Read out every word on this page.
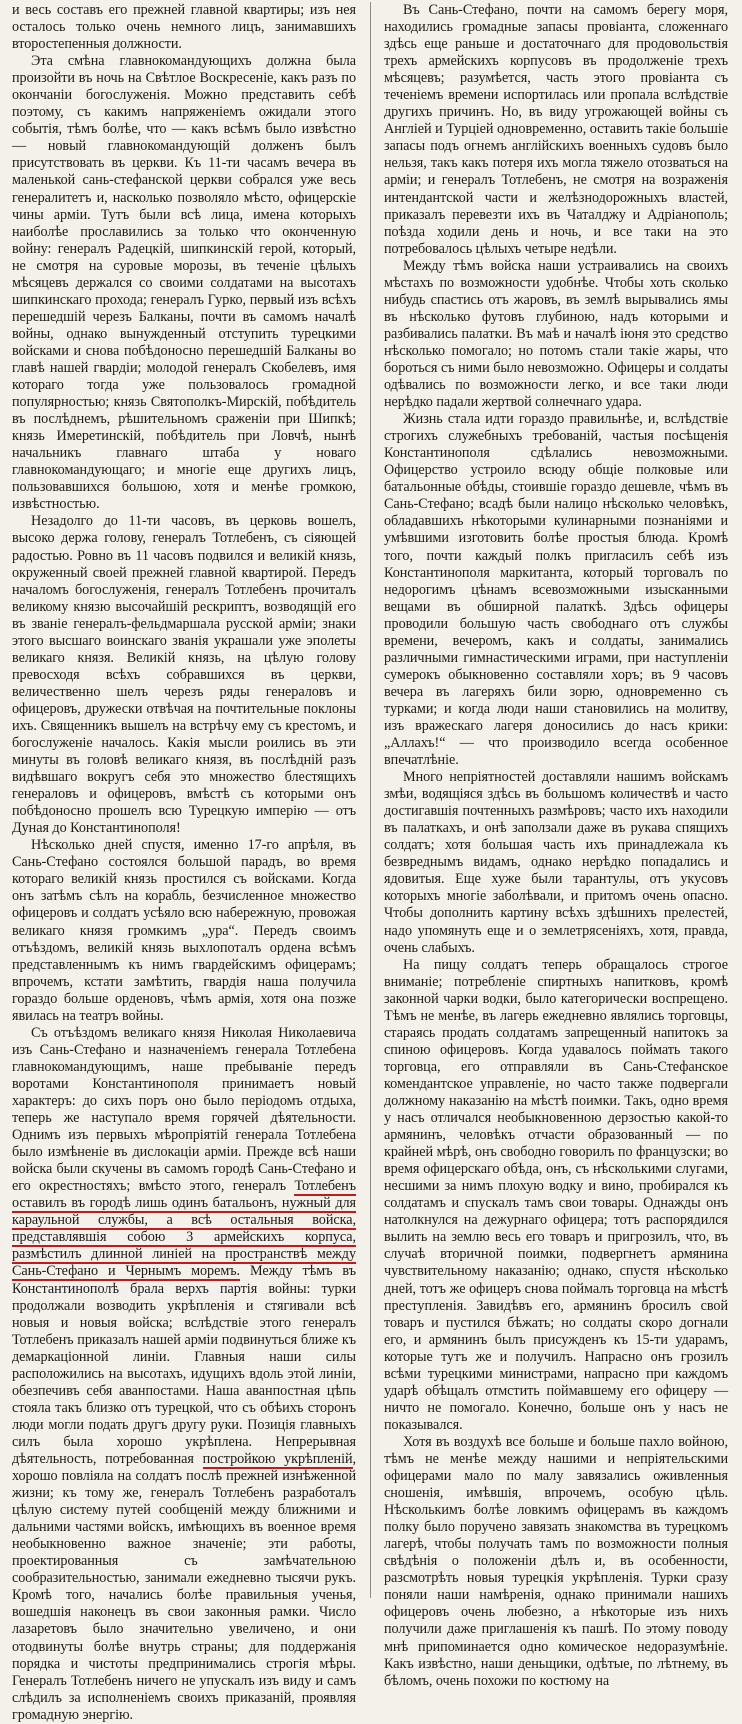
и весь составъ его прежней главной квартиры; изъ нея осталось только очень немного лицъ, занимавшихъ второстепенныя должности.

Эта смѣна главнокомандующихъ должна была произойти въ ночь на Свѣтлое Воскресеніе, какъ разъ по окончаніи богослуженія. Можно представить себѣ поэтому, съ какимъ напряженіемъ ожидали этого событія, тѣмъ болѣе, что — какъ всѣмъ было извѣстно — новый главнокомандующій долженъ былъ присутствовать въ церкви. Къ 11-ти часамъ вечера въ маленькой сань-стефанской церкви собрался уже весь генералитетъ и, насколько позволяло мѣсто, офицерскіе чины арміи. Тутъ были всѣ лица, имена которыхъ наиболѣе прославились за только что оконченную войну: генералъ Радецкій, шипкинскій герой, который, не смотря на суровые морозы, въ теченіе цѣлыхъ мѣсяцевъ держался со своими солдатами на высотахъ шипкинскаго прохода; генералъ Гурко, первый изъ всѣхъ перешедшій черезъ Балканы, почти въ самомъ началѣ войны, однако вынужденный отступить турецкими войсками и снова побѣдоносно перешедшій Балканы во главѣ нашей гвардіи; молодой генералъ Скобелевъ, имя котораго тогда уже пользовалось громадной популярностью; князь Святополкъ-Мирскій, побѣдитель въ послѣднемъ, рѣшительномъ сраженіи при Шипкѣ; князь Имеретинскій, побѣдитель при Ловчѣ, нынѣ начальникъ главнаго штаба у новаго главнокомандующаго; и многіе еще другихъ лицъ, пользовавшихся большою, хотя и менѣе громкою, извѣстностью.

Незадолго до 11-ти часовъ, въ церковь вошелъ, высоко держа голову, генералъ Тотлебенъ, съ сіяющей радостью. Ровно въ 11 часовъ подвился и великій князь, окруженный своей прежней главной квартирой. Передъ началомъ богослуженія, генералъ Тотлебенъ прочиталъ великому князю высочайшій рескриптъ, возводящій его въ званіе генералъ-фельдмаршала русской арміи; знаки этого высшаго воинскаго званія украшали уже эполеты великаго князя. Великій князь, на цѣлую голову превосходя всѣхъ собравшихся въ церкви, величественно шелъ черезъ ряды генераловъ и офицеровъ, дружески отвѣчая на почтительные поклоны ихъ. Священникъ вышелъ на встрѣчу ему съ крестомъ, и богослуженіе началось. Какія мысли роились въ эти минуты въ головѣ великаго князя, въ послѣдній разъ видѣвшаго вокругъ себя это множество блестящихъ генераловъ и офицеровъ, вмѣстѣ съ которыми онъ побѣдоносно прошелъ всю Турецкую имперію — отъ Дуная до Константинополя!

Нѣсколько дней спустя, именно 17-го апрѣля, въ Сань-Стефано состоялся большой парадъ, во время котораго великій князь простился съ войсками. Когда онъ затѣмъ сѣлъ на корабль, безчисленное множество офицеровъ и солдатъ усѣяло всю набережную, провожая великаго князя громкимъ „ура“. Передъ своимъ отъѣздомъ, великій князь выхлопоталъ ордена всѣмъ представленнымъ къ нимъ гвардейскимъ офицерамъ; впрочемъ, кстати замѣтить, гвардія наша получила гораздо больше орденовъ, чѣмъ армія, хотя она позже явилась на театръ войны.

Съ отъѣздомъ великаго князя Николая Николаевича изъ Сань-Стефано и назначеніемъ генерала Тотлебена главнокомандующимъ, наше пребываніе передъ воротами Константинополя принимаетъ новый характеръ: до сихъ поръ оно было періодомъ отдыха, теперь же наступало время горячей дѣятельности. Однимъ изъ первыхъ мѣропріятій генерала Тотлебена было измѣненіе въ дислокаціи арміи. Прежде всѣ наши войска были скучены въ самомъ городѣ Сань-Стефано и его окрестностяхъ; вмѣсто этого, генералъ Тотлебенъ оставилъ въ городѣ лишь одинъ батальонъ, нужный для караульной службы, а всѣ остальныя войска, представлявшія собою 3 армейскихъ корпуса, размѣстилъ длинной линіей на пространствѣ между Сань-Стефано и Чернымъ моремъ. Между тѣмъ въ Константинополѣ брала верхъ партія войны: турки продолжали возводить укрѣпленія и стягивали всѣ новыя и новыя войска; вслѣдствіе этого генералъ Тотлебенъ приказалъ нашей арміи подвинуться ближе къ демаркаціонной линіи. Главныя наши силы расположились на высотахъ, идущихъ вдоль этой линіи, обезпечивъ себя аванпостами. Наша аванпостная цѣпь стояла такъ близко отъ турецкой, что съ обѣихъ сторонъ люди могли подать другъ другу руки. Позиція главныхъ силъ была хорошо укрѣплена. Непрерывная дѣятельность, потребованная постройкою укрѣпленій, хорошо повліяла на солдатъ послѣ прежней изнѣженной жизни; къ тому же, генералъ Тотлебенъ разработалъ цѣлую систему путей сообщеній между ближними и дальними частями войскъ, имѣющихъ въ военное время необыкновенно важное значеніе; эти работы, проектированныя съ замѣчательною сообразительностью, занимали ежедневно тысячи рукъ. Кромѣ того, начались болѣе правильныя ученья, вошедшія наконецъ въ свои законныя рамки. Число лазаретовъ было значительно увеличено, и они отодвинуты болѣе внутрь страны; для поддержанія порядка и чистоты предпринимались строгія мѣры. Генералъ Тотлебенъ ничего не упускалъ изъ виду и самъ слѣдилъ за исполненіемъ своихъ приказаній, проявляя громадную энергію.

Въ Сань-Стефано, почти на самомъ берегу моря, находились громадные запасы провіанта, сложеннаго здѣсь еще раньше и достаточнаго для продовольствія трехъ армейскихъ корпусовъ въ продолженіе трехъ мѣсяцевъ; разумѣется, часть этого провіанта съ теченіемъ времени испортилась или пропала вслѣдствіе другихъ причинъ. Но, въ виду угрожающей войны съ Англіей и Турціей одновременно, оставить такіе большіе запасы подъ огнемъ англійскихъ военныхъ судовъ было нельзя, такъ какъ потеря ихъ могла тяжело отозваться на арміи; и генералъ Тотлебенъ, не смотря на возраженія интендантской части и желѣзнодорожныхъ властей, приказалъ перевезти ихъ въ Чаталджу и Адріанополь; поѣзда ходили день и ночь, и все таки на это потребовалось цѣлыхъ четыре недѣли.

Между тѣмъ войска наши устраивались на своихъ мѣстахъ по возможности удобнѣе. Чтобы хоть сколько нибудь спастись отъ жаровъ, въ землѣ вырывались ямы въ нѣсколько футовъ глубиною, надъ которыми и разбивались палатки. Въ маѣ и началѣ іюня это средство нѣсколько помогало; но потомъ стали такіе жары, что бороться съ ними было невозможно. Офицеры и солдаты одѣвались по возможности легко, и все таки люди нерѣдко падали жертвой солнечнаго удара.

Жизнь стала идти гораздо правильнѣе, и, вслѣдствіе строгихъ служебныхъ требованій, частыя посѣщенія Константинополя сдѣлались невозможными. Офицерство устроило всюду общіе полковые или батальонные обѣды, стоившіе гораздо дешевле, чѣмъ въ Сань-Стефано; всадѣ были налицо нѣсколько человѣкъ, обладавшихъ нѣкоторыми кулинарными познаніями и умѣвшими изготовить болѣе простыя блюда. Кромѣ того, почти каждый полкъ пригласилъ себѣ изъ Константинополя маркитанта, который торговалъ по недорогимъ цѣнамъ всевозможными изысканными вещами въ обширной палаткѣ. Здѣсь офицеры проводили большую часть свободнаго отъ службы времени, вечеромъ, какъ и солдаты, занимались различными гимнастическими играми, при наступленіи сумерокъ обыкновенно составляли хоръ; въ 9 часовъ вечера въ лагеряхъ били зорю, одновременно съ турками; и когда люди наши становились на молитву, изъ вражескаго лагеря доносились до насъ крики: „Аллахъ!“ — что производило всегда особенное впечатлѣніе.

Много непріятностей доставляли нашимъ войскамъ змѣи, водящіяся здѣсь въ большомъ количествѣ и часто достигавшія почтенныхъ размѣровъ; часто ихъ находили въ палаткахъ, и онѣ заползали даже въ рукава спящихъ солдатъ; хотя большая часть ихъ принадлежала къ безвреднымъ видамъ, однако нерѣдко попадались и ядовитыя. Еще хуже были тарантулы, отъ укусовъ которыхъ многіе заболѣвали, и притомъ очень опасно. Чтобы дополнить картину всѣхъ здѣшнихъ прелестей, надо упомянуть еще и о землетрясеніяхъ, хотя, правда, очень слабыхъ.

На пищу солдатъ теперь обращалось строгое вниманіе; потребленіе спиртныхъ напитковъ, кромѣ законной чарки водки, было категорически воспрещено. Тѣмъ не менѣе, въ лагерь ежедневно являлись торговцы, стараясь продать солдатамъ запрещенный напитокъ за спиною офицеровъ. Когда удавалось поймать такого торговца, его отправляли въ Сань-Стефанское комендантское управленіе, но часто также подвергали должному наказанію на мѣстѣ поимки. Такъ, одно время у насъ отличался необыкновенною дерзостью какой-то армянинъ, человѣкъ отчасти образованный — по крайней мѣрѣ, онъ свободно говорилъ по французски; во время офицерскаго обѣда, онъ, съ нѣсколькими слугами, несшими за нимъ плохую водку и вино, пробирался къ солдатамъ и спускалъ тамъ свои товары. Однажды онъ натолкнулся на дежурнаго офицера; тотъ распорядился вылить на землю весь его товаръ и пригрозилъ, что, въ случаѣ вторичной поимки, подвергнетъ армянина чувствительному наказанію; однако, спустя нѣсколько дней, тотъ же офицеръ снова поймалъ торговца на мѣстѣ преступленія. Завидѣвъ его, армянинъ бросилъ свой товаръ и пустился бѣжать; но солдаты скоро догнали его, и армянинъ былъ присужденъ къ 15-ти ударамъ, которые тутъ же и получилъ. Напрасно онъ грозилъ всѣми турецкими министрами, напрасно при каждомъ ударѣ обѣщалъ отмстить поймавшему его офицеру — ничто не помогало. Конечно, больше онъ у насъ не показывался.

Хотя въ воздухѣ все больше и больше пахло войною, тѣмъ не менѣе между нашими и непріятельскими офицерами мало по малу завязались оживленныя сношенія, имѣвшія, впрочемъ, особую цѣль. Нѣсколькимъ болѣе ловкимъ офицерамъ въ каждомъ полку было поручено завязать знакомства въ турецкомъ лагерѣ, чтобы получать тамъ по возможности полныя свѣдѣнія о положеніи дѣлъ и, въ особенности, разсмотрѣть новыя турецкія укрѣпленія. Турки сразу поняли наши намѣренія, однако принимали нашихъ офицеровъ очень любезно, а нѣкоторые изъ нихъ получили даже приглашенія къ пашѣ. По этому поводу мнѣ припоминается одно комическое недоразумѣніе. Какъ извѣстно, наши деньщики, одѣтые, по лѣтнему, въ бѣломъ, очень похожи по костюму на
